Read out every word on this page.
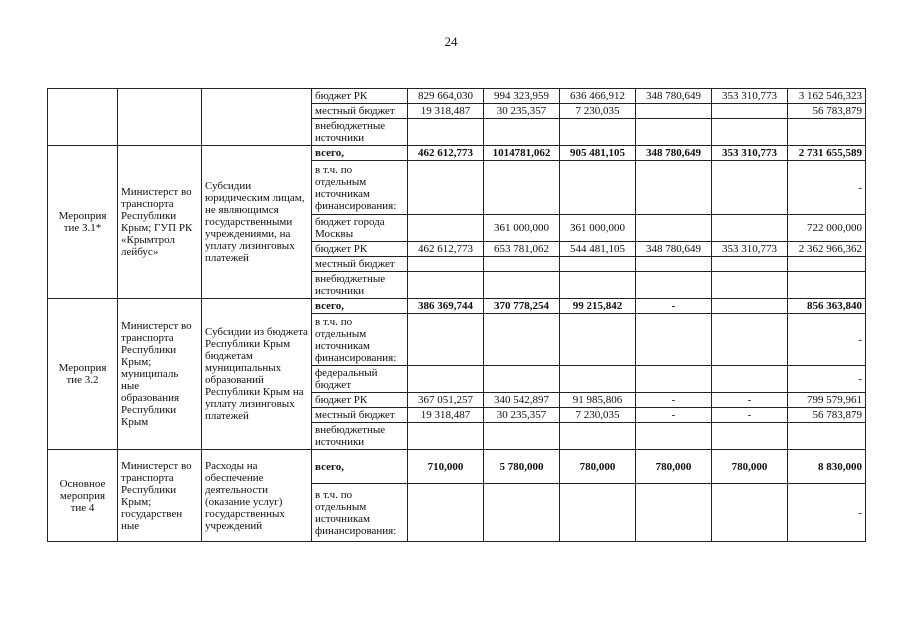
24
			бюджет РК	829 664,030	994 323,959	636 466,912	348 780,649	353 310,773	3 162 546,323
			местный бюджет	19 318,487	30 235,357	7 230,035			56 783,879
			внебюджетные источники						
Мероприя тие 3.1*	Министерст во транспорта Республики Крым; ГУП РК «Крымтрол лейбус»	Субсидии юридическим лицам, не являющимся государственными учреждениями, на уплату лизинговых платежей	всего,	462 612,773	1014781,062	905 481,105	348 780,649	353 310,773	2 731 655,589
			в т.ч. по отдельным источникам финансирования:						-
			бюджет города Москвы		361 000,000	361 000,000			722 000,000
			бюджет РК	462 612,773	653 781,062	544 481,105	348 780,649	353 310,773	2 362 966,362
			местный бюджет						
			внебюджетные источники						
Мероприя тие 3.2	Министерст во транспорта Республики Крым; муниципаль ные образования Республики Крым	Субсидии из бюджета Республики Крым бюджетам муниципальных образований Республики Крым на уплату лизинговых платежей	всего,	386 369,744	370 778,254	99 215,842	-		856 363,840
			в т.ч. по отдельным источникам финансирования:						-
			федеральный бюджет						-
			бюджет РК	367 051,257	340 542,897	91 985,806	-	-	799 579,961
			местный бюджет	19 318,487	30 235,357	7 230,035	-	-	56 783,879
			внебюджетные источники						
Основное мероприя тие 4	Министерст во транспорта Республики Крым; государствен ные	Расходы на обеспечение деятельности (оказание услуг) государственных учреждений	всего,	710,000	5 780,000	780,000	780,000	780,000	8 830,000
			в т.ч. по отдельным источникам финансирования:						-
